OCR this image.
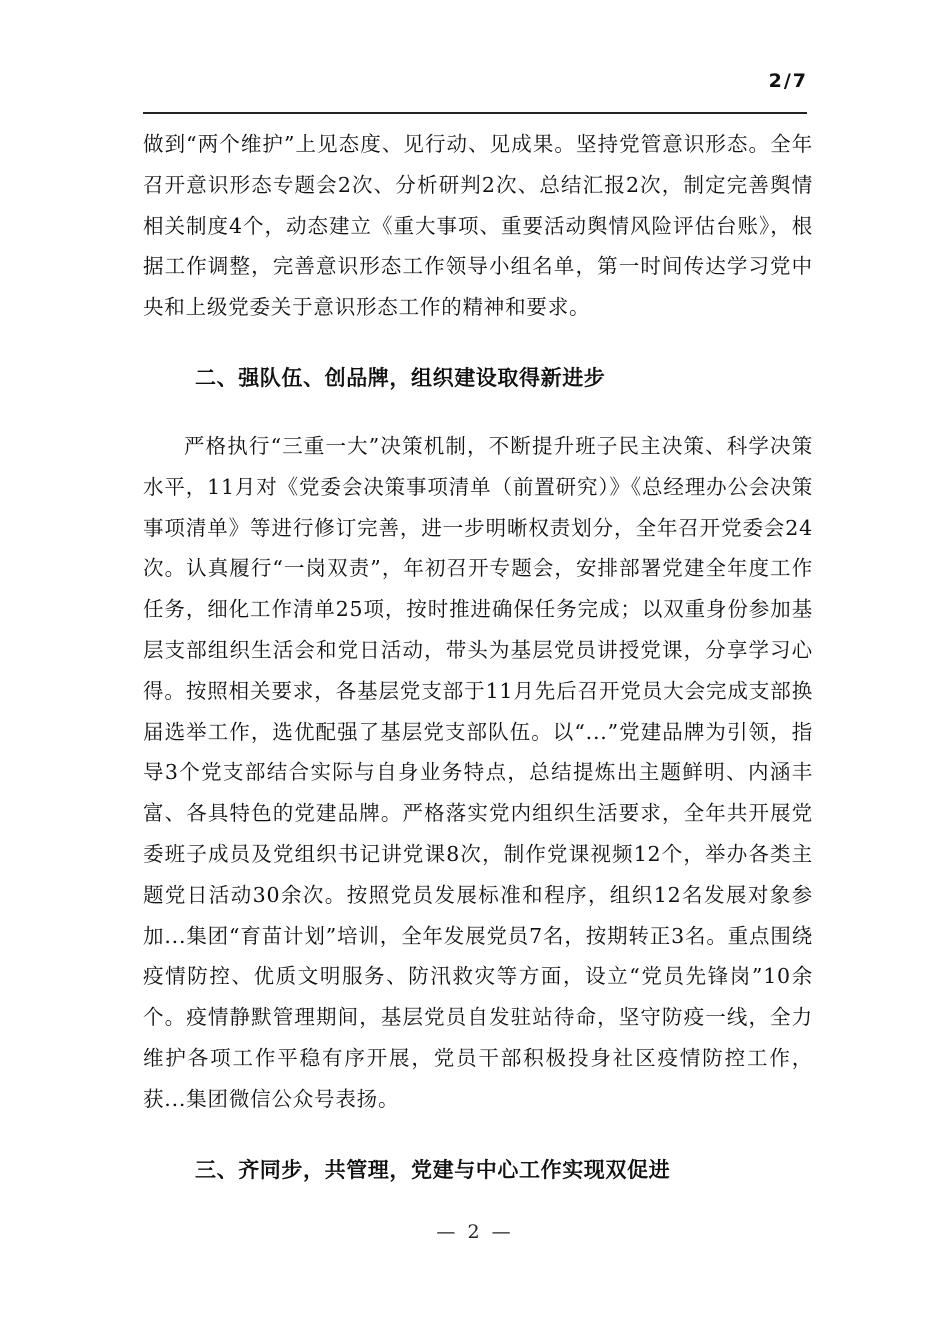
2/7

做到“两个维护”上见态度、见行动、见成果。坚持党管意识形态。全年召开意识形态专题会2次、分析研判2次、总结汇报2次，制定完善舆情相关制度4个，动态建立《重大事项、重要活动舆情风险评估台账》，根据工作调整，完善意识形态工作领导小组名单，第一时间传达学习党中央和上级党委关于意识形态工作的精神和要求。

二、强队伍、创品牌，组织建设取得新进步

严格执行“三重一大”决策机制，不断提升班子民主决策、科学决策水平，11月对《党委会决策事项清单（前置研究）》《总经理办公会决策事项清单》等进行修订完善，进一步明晰权责划分，全年召开党委会24次。认真履行“一岗双责”，年初召开专题会，安排部署党建全年度工作任务，细化工作清单25项，按时推进确保任务完成；以双重身份参加基层支部组织生活会和党日活动，带头为基层党员讲授党课，分享学习心得。按照相关要求，各基层党支部于11月先后召开党员大会完成支部换届选举工作，选优配强了基层党支部队伍。以“...”党建品牌为引领，指导3个党支部结合实际与自身业务特点，总结提炼出主题鲜明、内涵丰富、各具特色的党建品牌。严格落实党内组织生活要求，全年共开展党委班子成员及党组织书记讲党课8次，制作党课视频12个，举办各类主题党日活动30余次。按照党员发展标准和程序，组织12名发展对象参加...集团“育苗计划”培训，全年发展党员7名，按期转正3名。重点围绕疫情防控、优质文明服务、防汛救灾等方面，设立“党员先锋岗”10余个。疫情静默管理期间，基层党员自发驻站待命，坚守防疫一线，全力维护各项工作平稳有序开展，党员干部积极投身社区疫情防控工作，获...集团微信公众号表扬。

三、齐同步，共管理，党建与中心工作实现双促进
— 2 —
